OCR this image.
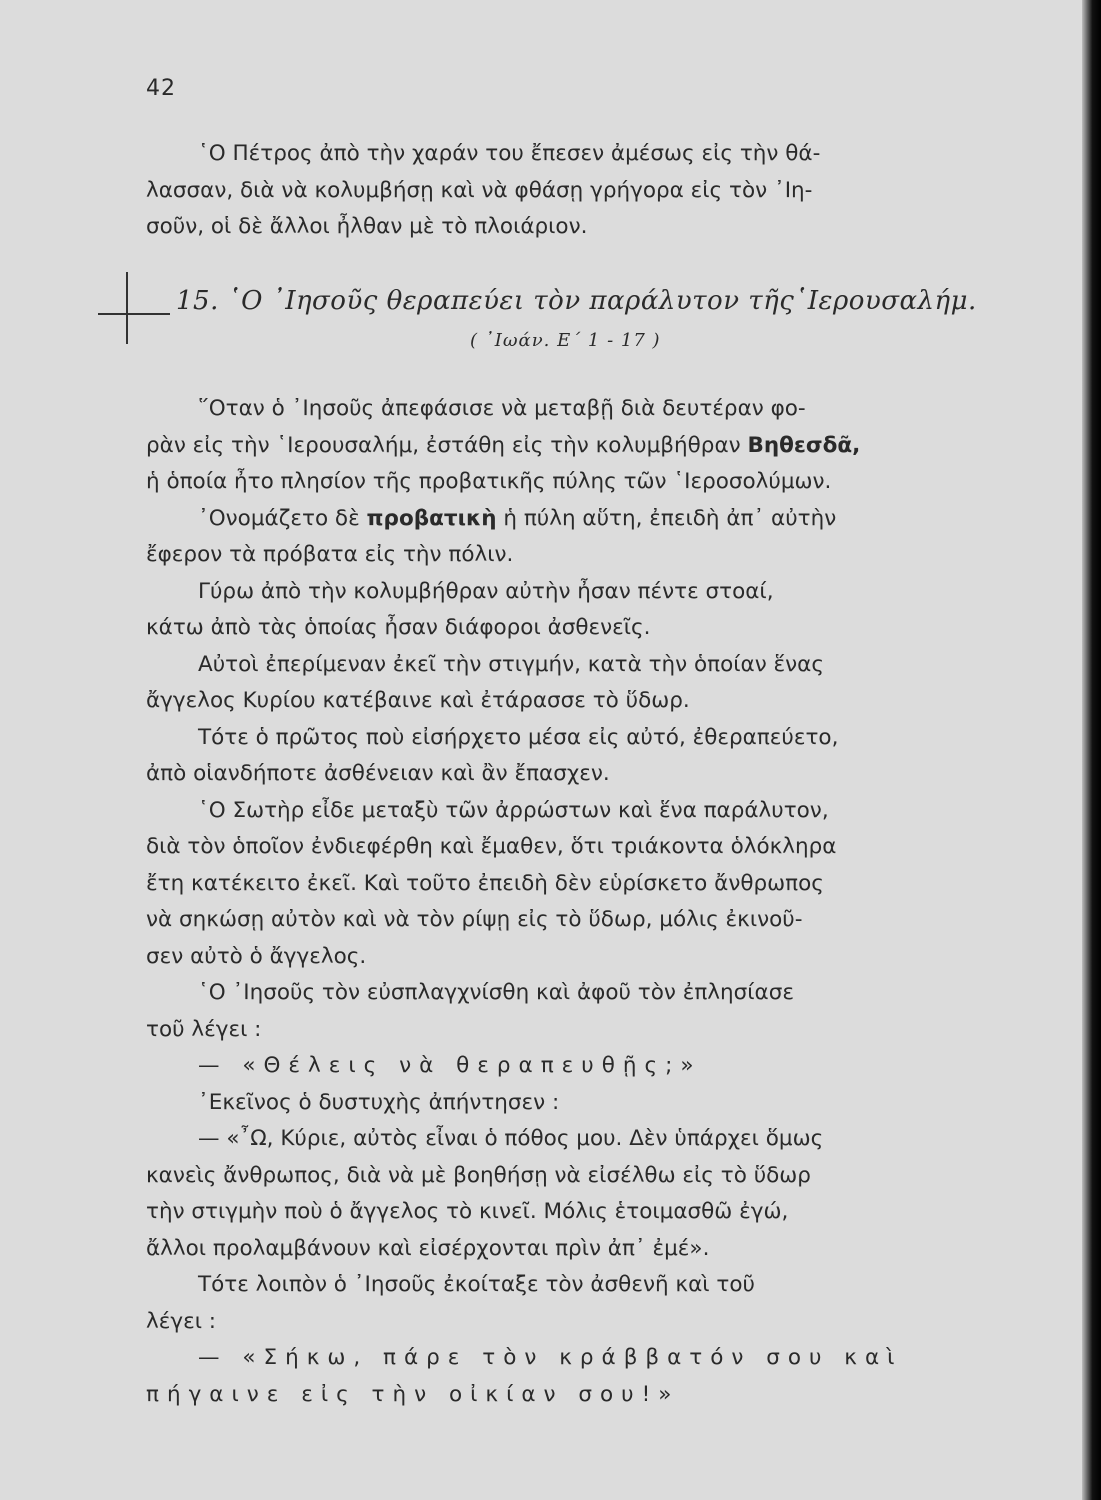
42

῾Ο Πέτρος ἀπὸ τὴν χαράν του ἔπεσεν ἀμέσως εἰς τὴν θά-
λασσαν, διὰ νὰ κολυμβήσῃ καὶ νὰ φθάσῃ γρήγορα εἰς τὸν ᾿Ιη-
σοῦν, οἱ δὲ ἄλλοι ἦλθαν μὲ τὸ πλοιάριον.

15. ῾Ο ᾿Ιησοῦς θεραπεύει τὸν παράλυτον τῆς῾Ιερουσαλήμ.
( ᾿Ιωάν. Ε΄ 1 - 17 )
῞Οταν ὁ ᾿Ιησοῦς ἀπεφάσισε νὰ μεταβῇ διὰ δευτέραν φο-
ρὰν εἰς τὴν ῾Ιερουσαλήμ, ἐστάθη εἰς τὴν κολυμβήθραν Βηθεσδᾶ,
ἡ ὁποία ἦτο πλησίον τῆς προβατικῆς πύλης τῶν ῾Ιεροσολύμων.
᾿Ονομάζετο δὲ προβατικὴ ἡ πύλη αὕτη, ἐπειδὴ ἀπ᾿ αὐτὴν
ἔφερον τὰ πρόβατα εἰς τὴν πόλιν.
Γύρω ἀπὸ τὴν κολυμβήθραν αὐτὴν ἦσαν πέντε στοαί,
κάτω ἀπὸ τὰς ὁποίας ἦσαν διάφοροι ἀσθενεῖς.
Αὐτοὶ ἐπερίμεναν ἐκεῖ τὴν στιγμήν, κατὰ τὴν ὁποίαν ἕνας
ἄγγελος Κυρίου κατέβαινε καὶ ἐτάρασσε τὸ ὕδωρ.
Τότε ὁ πρῶτος ποὺ εἰσήρχετο μέσα εἰς αὐτό, ἐθεραπεύετο,
ἀπὸ οἱανδήποτε ἀσθένειαν καὶ ἂν ἔπασχεν.
῾Ο Σωτὴρ εἶδε μεταξὺ τῶν ἀρρώστων καὶ ἕνα παράλυτον,
διὰ τὸν ὁποῖον ἐνδιεφέρθη καὶ ἔμαθεν, ὅτι τριάκοντα ὁλόκληρα
ἔτη κατέκειτο ἐκεῖ. Καὶ τοῦτο ἐπειδὴ δὲν εὑρίσκετο ἄνθρωπος
νὰ σηκώσῃ αὐτὸν καὶ νὰ τὸν ρίψῃ εἰς τὸ ὕδωρ, μόλις ἐκινοῦ-
σεν αὐτὸ ὁ ἄγγελος.
῾Ο ᾿Ιησοῦς τὸν εὐσπλαγχνίσθη καὶ ἀφοῦ τὸν ἐπλησίασε
τοῦ λέγει :
— «Θέλεις νὰ θεραπευθῇς;»
᾿Εκεῖνος ὁ δυστυχὴς ἀπήντησεν :
— «῏Ω, Κύριε, αὐτὸς εἶναι ὁ πόθος μου. Δὲν ὑπάρχει ὅμως
κανεὶς ἄνθρωπος, διὰ νὰ μὲ βοηθήσῃ νὰ εἰσέλθω εἰς τὸ ὕδωρ
τὴν στιγμὴν ποὺ ὁ ἄγγελος τὸ κινεῖ. Μόλις ἑτοιμασθῶ ἐγώ,
ἄλλοι προλαμβάνουν καὶ εἰσέρχονται πρὶν ἀπ᾿ ἐμέ».
Τότε λοιπὸν ὁ ᾿Ιησοῦς ἐκοίταξε τὸν ἀσθενῆ καὶ τοῦ
λέγει :
— «Σήκω, πάρε τὸν κράββατόν σου καὶ
πήγαινε εἰς τὴν οἰκίαν σου!»
